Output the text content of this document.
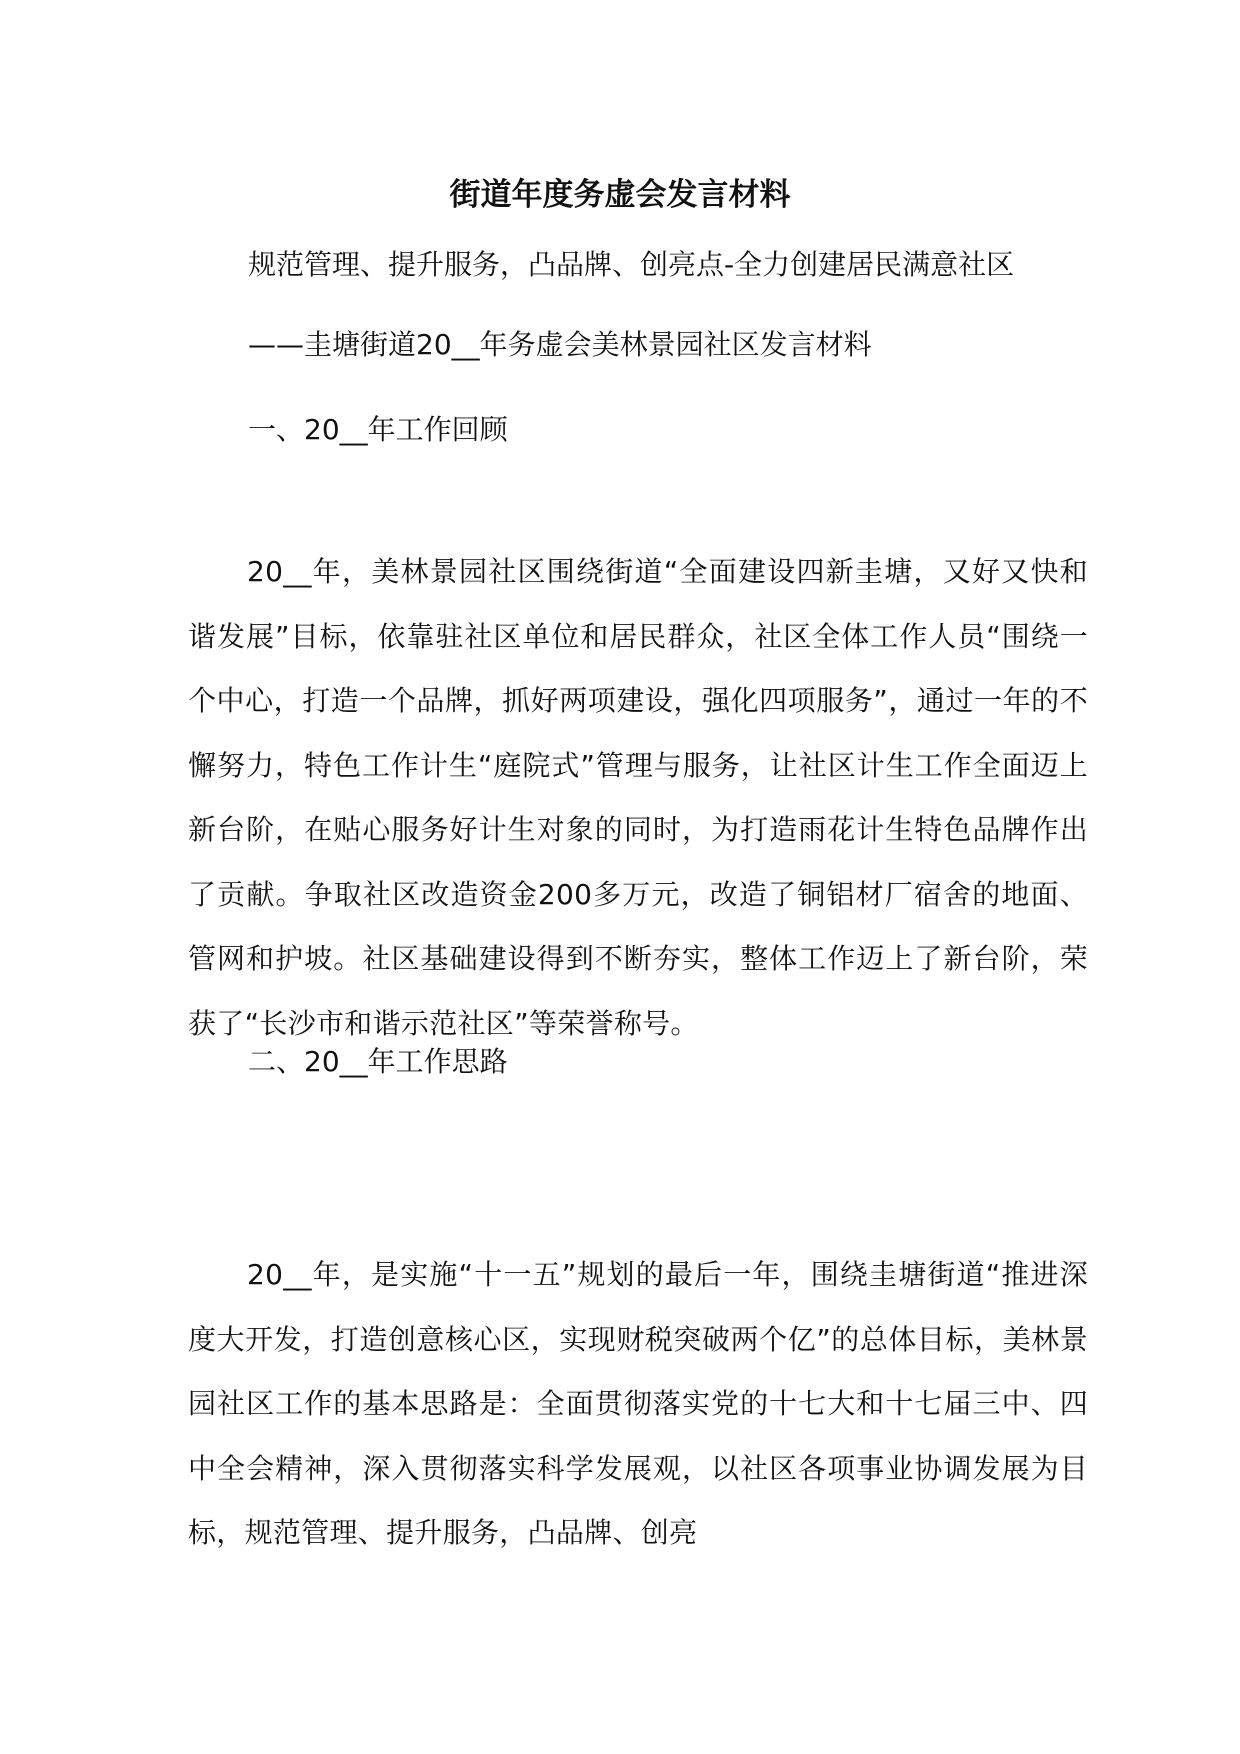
街道年度务虚会发言材料
规范管理、提升服务，凸品牌、创亮点-全力创建居民满意社区
——圭塘街道20__年务虚会美林景园社区发言材料
一、20__年工作回顾

20__年，美林景园社区围绕街道“全面建设四新圭塘，又好又快和谐发展”目标，依靠驻社区单位和居民群众，社区全体工作人员“围绕一个中心，打造一个品牌，抓好两项建设，强化四项服务”，通过一年的不懈努力，特色工作计生“庭院式”管理与服务，让社区计生工作全面迈上新台阶，在贴心服务好计生对象的同时，为打造雨花计生特色品牌作出了贡献。争取社区改造资金200多万元，改造了铜铝材厂宿舍的地面、管网和护坡。社区基础建设得到不断夯实，整体工作迈上了新台阶，荣获了“长沙市和谐示范社区”等荣誉称号。

二、20__年工作思路

20__年，是实施“十一五”规划的最后一年，围绕圭塘街道“推进深度大开发，打造创意核心区，实现财税突破两个亿”的总体目标，美林景园社区工作的基本思路是：全面贯彻落实党的十七大和十七届三中、四中全会精神，深入贯彻落实科学发展观，以社区各项事业协调发展为目标，规范管理、提升服务，凸品牌、创亮
